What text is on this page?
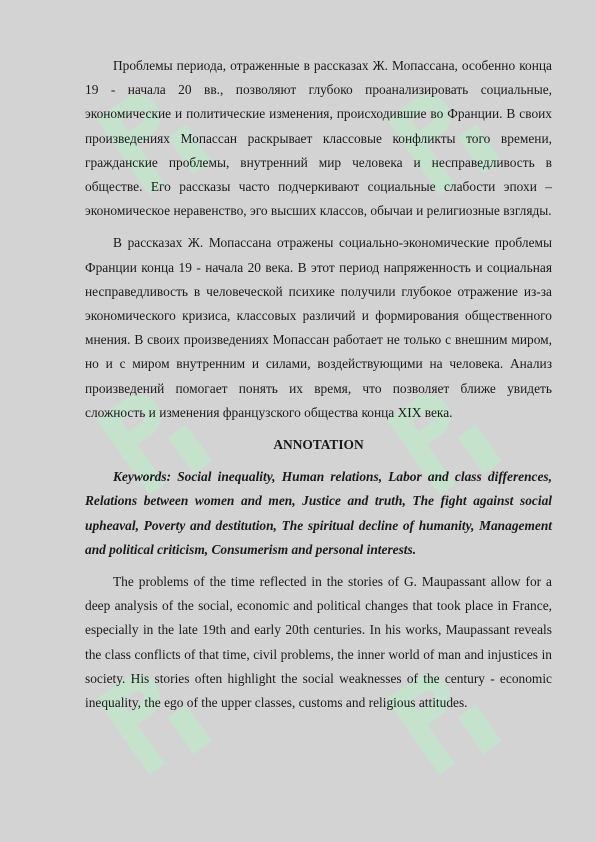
Проблемы периода, отраженные в рассказах Ж. Мопассана, особенно конца 19 - начала 20 вв., позволяют глубоко проанализировать социальные, экономические и политические изменения, происходившие во Франции. В своих произведениях Мопассан раскрывает классовые конфликты того времени, гражданские проблемы, внутренний мир человека и несправедливость в обществе. Его рассказы часто подчеркивают социальные слабости эпохи – экономическое неравенство, эго высших классов, обычаи и религиозные взгляды.

В рассказах Ж. Мопассана отражены социально-экономические проблемы Франции конца 19 - начала 20 века. В этот период напряженность и социальная несправедливость в человеческой психике получили глубокое отражение из-за экономического кризиса, классовых различий и формирования общественного мнения. В своих произведениях Мопассан работает не только с внешним миром, но и с миром внутренним и силами, воздействующими на человека. Анализ произведений помогает понять их время, что позволяет ближе увидеть сложность и изменения французского общества конца XIX века.

ANNOTATION

Keywords: Social inequality, Human relations, Labor and class differences, Relations between women and men, Justice and truth, The fight against social upheaval, Poverty and destitution, The spiritual decline of humanity, Management and political criticism, Consumerism and personal interests.

The problems of the time reflected in the stories of G. Maupassant allow for a deep analysis of the social, economic and political changes that took place in France, especially in the late 19th and early 20th centuries. In his works, Maupassant reveals the class conflicts of that time, civil problems, the inner world of man and injustices in society. His stories often highlight the social weaknesses of the century - economic inequality, the ego of the upper classes, customs and religious attitudes.
